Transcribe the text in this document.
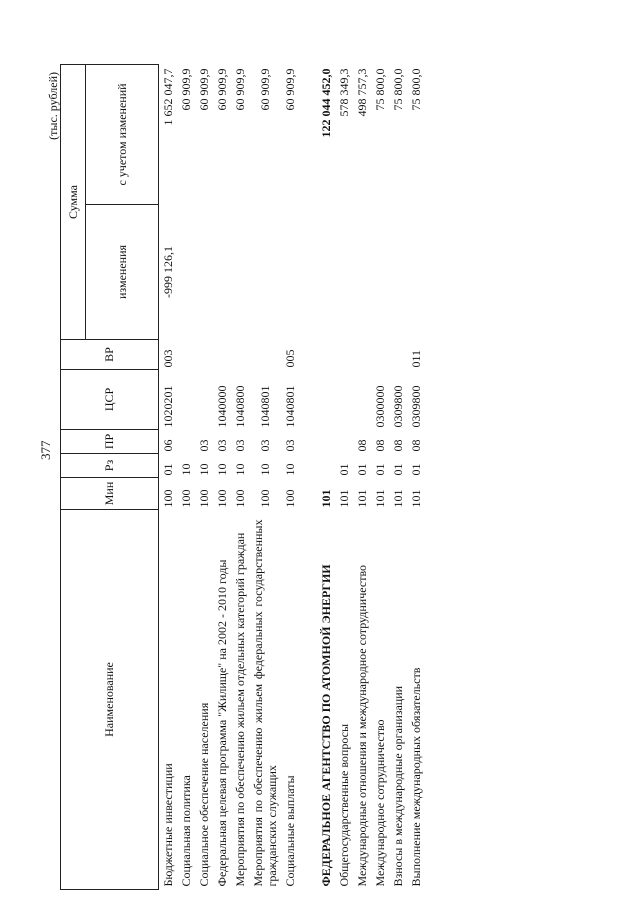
377
(тыс. рублей)
Наименование	Мин	Рз	ПР	ЦСР	ВР	Сумма	
						изменения	с учетом изменений
Бюджетные инвестиции	100	01	06	1020201	003	-999 126,1	1 652 047,7
Социальная политика	100	10					60 909,9
Социальное обеспечение населения	100	10	03				60 909,9
Федеральная целевая программа "Жилище" на 2002 - 2010 годы	100	10	03	1040000			60 909,9
Мероприятия по обеспечению жильем отдельных категорий граждан	100	10	03	1040800			60 909,9
Мероприятия по обеспечению жильем федеральных государственных гражданских служащих	100	10	03	1040801			60 909,9
Социальные выплаты	100	10	03	1040801	005		60 909,9

ФЕДЕРАЛЬНОЕ АГЕНТСТВО ПО АТОМНОЙ ЭНЕРГИИ	101						122 044 452,0
Общегосударственные вопросы	101	01					578 349,3
Международные отношения и международное сотрудничество	101	01	08				498 757,3
Международное сотрудничество	101	01	08	0300000			75 800,0
Взносы в международные организации	101	01	08	0309800			75 800,0
Выполнение международных обязательств	101	01	08	0309800	011		75 800,0
